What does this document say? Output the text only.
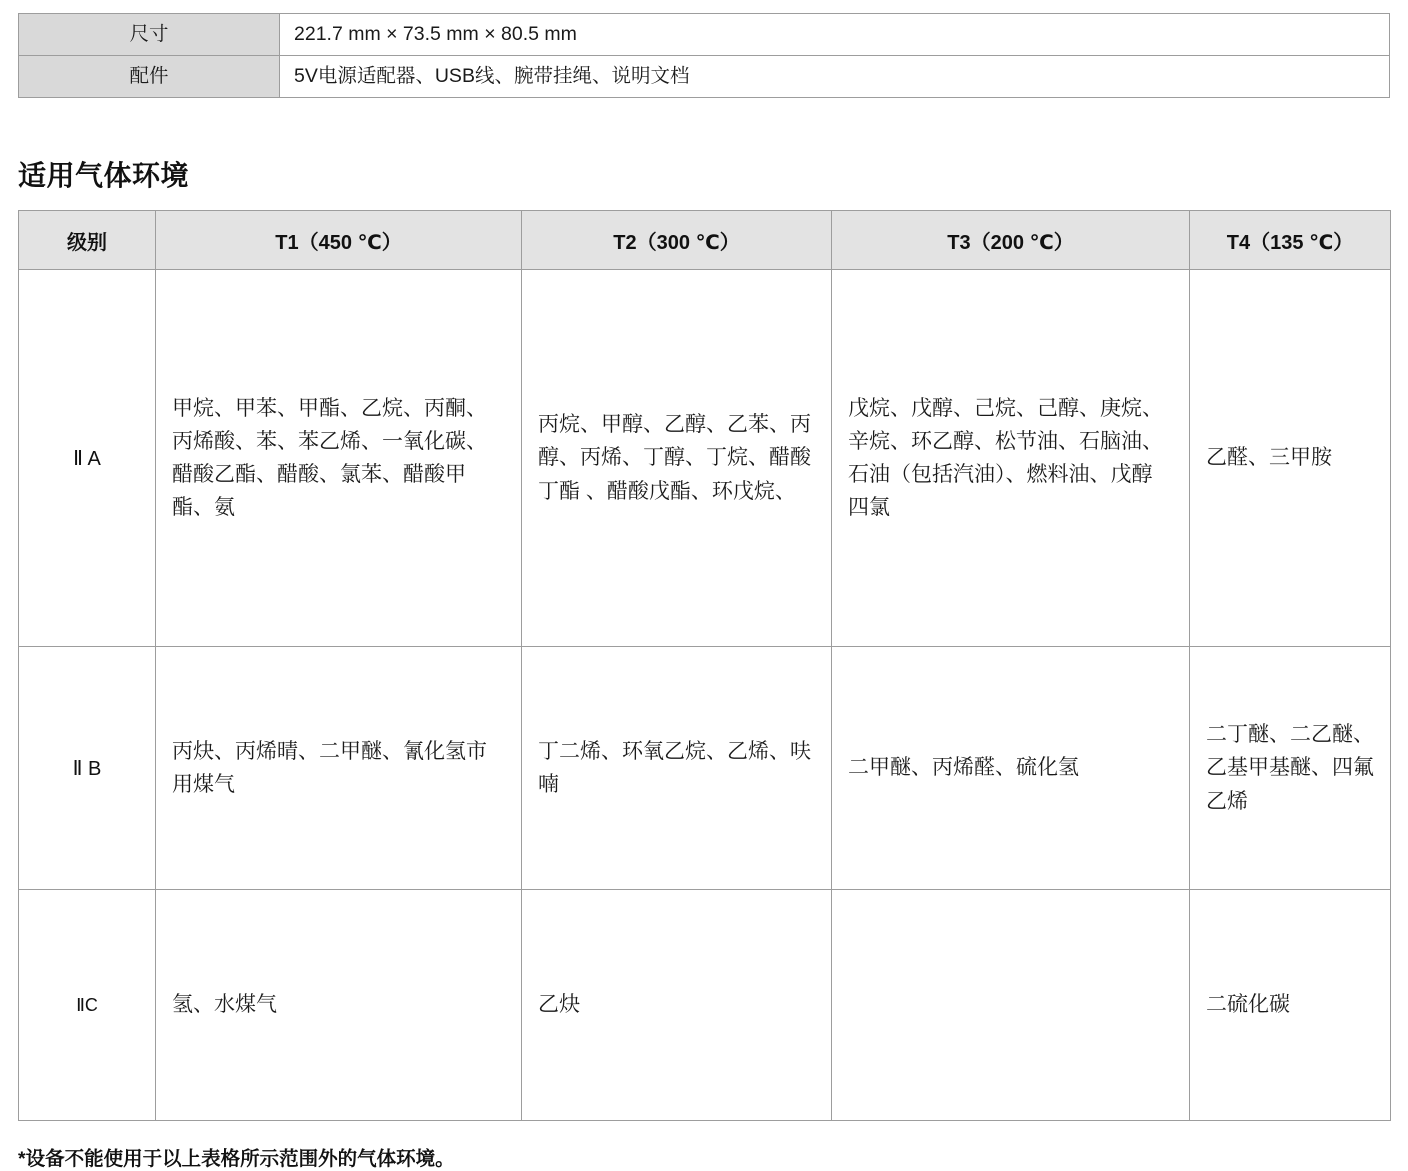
尺寸	221.7 mm × 73.5 mm × 80.5 mm
配件	5V电源适配器、USB线、腕带挂绳、说明文档
适用气体环境
级别	T1（450 ℃）	T2（300 ℃）	T3（200 ℃）	T4（135 ℃）
Ⅱ A	甲烷、甲苯、甲酯、乙烷、丙酮、丙烯酸、苯、苯乙烯、一氧化碳、醋酸乙酯、醋酸、氯苯、醋酸甲酯、氨	丙烷、甲醇、乙醇、乙苯、丙醇、丙烯、丁醇、丁烷、醋酸丁酯 、醋酸戊酯、环戊烷、	戊烷、戊醇、己烷、己醇、庚烷、辛烷、环乙醇、松节油、石脑油、石油（包括汽油）、燃料油、戊醇四氯	乙醛、三甲胺
Ⅱ B	丙炔、丙烯晴、二甲醚、氰化氢市用煤气	丁二烯、环氧乙烷、乙烯、呋喃	二甲醚、丙烯醛、硫化氢	二丁醚、二乙醚、乙基甲基醚、四氟乙烯
ⅡC	氢、水煤气	乙炔		二硫化碳
*设备不能使用于以上表格所示范围外的气体环境。
